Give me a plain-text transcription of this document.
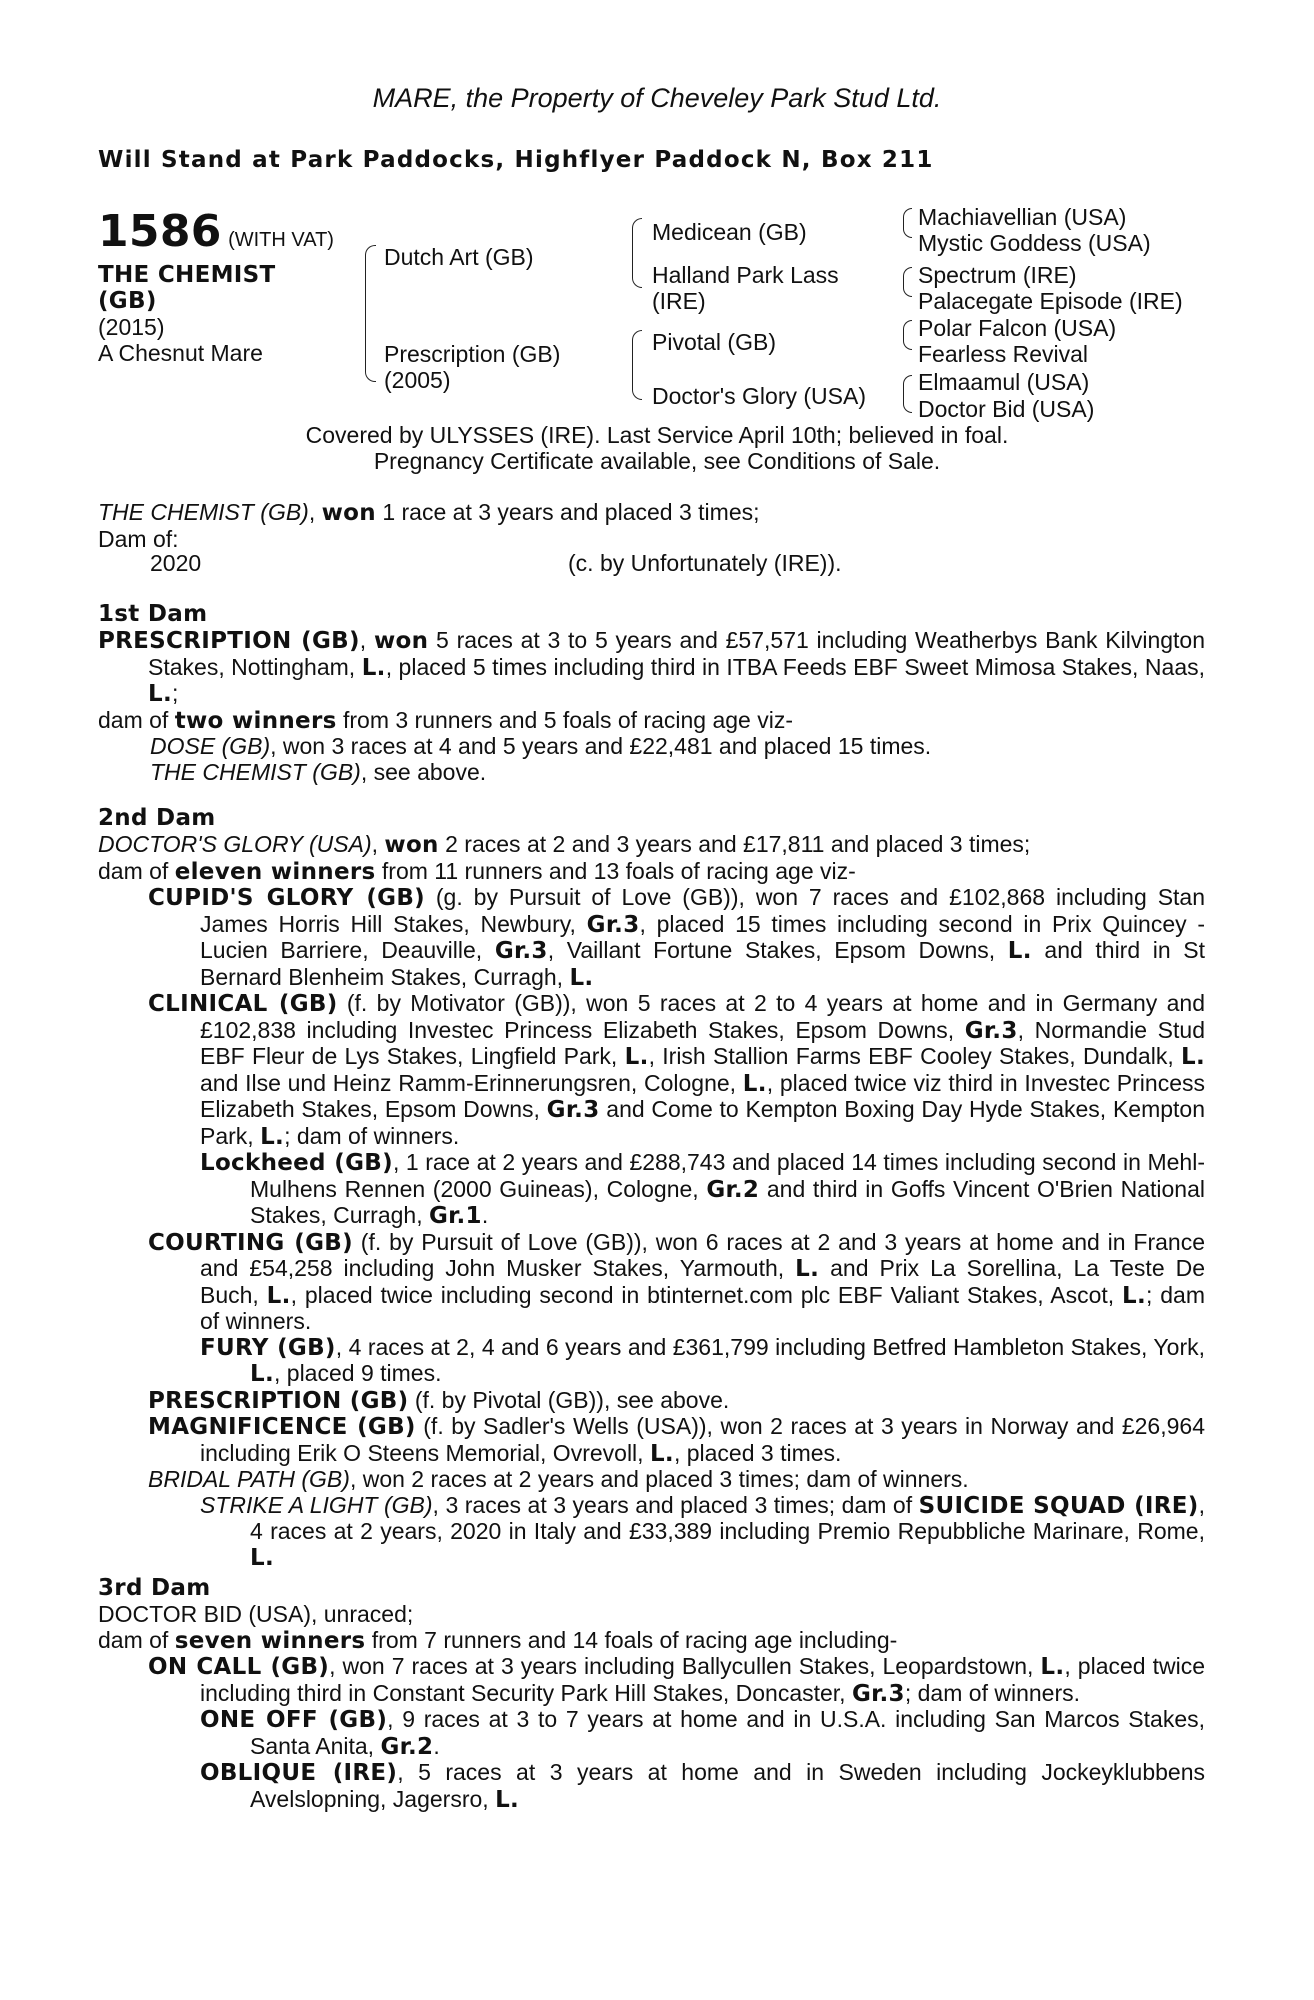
MARE, the Property of Cheveley Park Stud Ltd.
Will Stand at Park Paddocks, Highflyer Paddock N, Box 211
1586 (WITH VAT)
THE CHEMIST
(GB)
(2015)
A Chesnut Mare
Dutch Art (GB)
Prescription (GB)
(2005)
Medicean (GB)
Halland Park Lass
(IRE)
Pivotal (GB)
Doctor's Glory (USA)
Machiavellian (USA)
Mystic Goddess (USA)
Spectrum (IRE)
Palacegate Episode (IRE)
Polar Falcon (USA)
Fearless Revival
Elmaamul (USA)
Doctor Bid (USA)
Covered by ULYSSES (IRE). Last Service April 10th; believed in foal.
Pregnancy Certificate available, see Conditions of Sale.
THE CHEMIST (GB), won 1 race at 3 years and placed 3 times;
Dam of:
2020	(c. by Unfortunately (IRE)).
1st Dam
PRESCRIPTION (GB), won 5 races at 3 to 5 years and £57,571 including Weatherbys Bank Kilvington Stakes, Nottingham, L., placed 5 times including third in ITBA Feeds EBF Sweet Mimosa Stakes, Naas, L.;
dam of two winners from 3 runners and 5 foals of racing age viz-
DOSE (GB), won 3 races at 4 and 5 years and £22,481 and placed 15 times.
THE CHEMIST (GB), see above.
2nd Dam
DOCTOR'S GLORY (USA), won 2 races at 2 and 3 years and £17,811 and placed 3 times;
dam of eleven winners from 11 runners and 13 foals of racing age viz-
CUPID'S GLORY (GB) (g. by Pursuit of Love (GB)), won 7 races and £102,868 including Stan James Horris Hill Stakes, Newbury, Gr.3, placed 15 times including second in Prix Quincey - Lucien Barriere, Deauville, Gr.3, Vaillant Fortune Stakes, Epsom Downs, L. and third in St Bernard Blenheim Stakes, Curragh, L.
CLINICAL (GB) (f. by Motivator (GB)), won 5 races at 2 to 4 years at home and in Germany and £102,838 including Investec Princess Elizabeth Stakes, Epsom Downs, Gr.3, Normandie Stud EBF Fleur de Lys Stakes, Lingfield Park, L., Irish Stallion Farms EBF Cooley Stakes, Dundalk, L. and Ilse und Heinz Ramm-Erinnerungsren, Cologne, L., placed twice viz third in Investec Princess Elizabeth Stakes, Epsom Downs, Gr.3 and Come to Kempton Boxing Day Hyde Stakes, Kempton Park, L.; dam of winners.
Lockheed (GB), 1 race at 2 years and £288,743 and placed 14 times including second in Mehl-Mulhens Rennen (2000 Guineas), Cologne, Gr.2 and third in Goffs Vincent O'Brien National Stakes, Curragh, Gr.1.
COURTING (GB) (f. by Pursuit of Love (GB)), won 6 races at 2 and 3 years at home and in France and £54,258 including John Musker Stakes, Yarmouth, L. and Prix La Sorellina, La Teste De Buch, L., placed twice including second in btinternet.com plc EBF Valiant Stakes, Ascot, L.; dam of winners.
FURY (GB), 4 races at 2, 4 and 6 years and £361,799 including Betfred Hambleton Stakes, York, L., placed 9 times.
PRESCRIPTION (GB) (f. by Pivotal (GB)), see above.
MAGNIFICENCE (GB) (f. by Sadler's Wells (USA)), won 2 races at 3 years in Norway and £26,964 including Erik O Steens Memorial, Ovrevoll, L., placed 3 times.
BRIDAL PATH (GB), won 2 races at 2 years and placed 3 times; dam of winners.
STRIKE A LIGHT (GB), 3 races at 3 years and placed 3 times; dam of SUICIDE SQUAD (IRE), 4 races at 2 years, 2020 in Italy and £33,389 including Premio Repubbliche Marinare, Rome, L.
3rd Dam
DOCTOR BID (USA), unraced;
dam of seven winners from 7 runners and 14 foals of racing age including-
ON CALL (GB), won 7 races at 3 years including Ballycullen Stakes, Leopardstown, L., placed twice including third in Constant Security Park Hill Stakes, Doncaster, Gr.3; dam of winners.
ONE OFF (GB), 9 races at 3 to 7 years at home and in U.S.A. including San Marcos Stakes, Santa Anita, Gr.2.
OBLIQUE (IRE), 5 races at 3 years at home and in Sweden including Jockeyklubbens Avelslopning, Jagersro, L.
